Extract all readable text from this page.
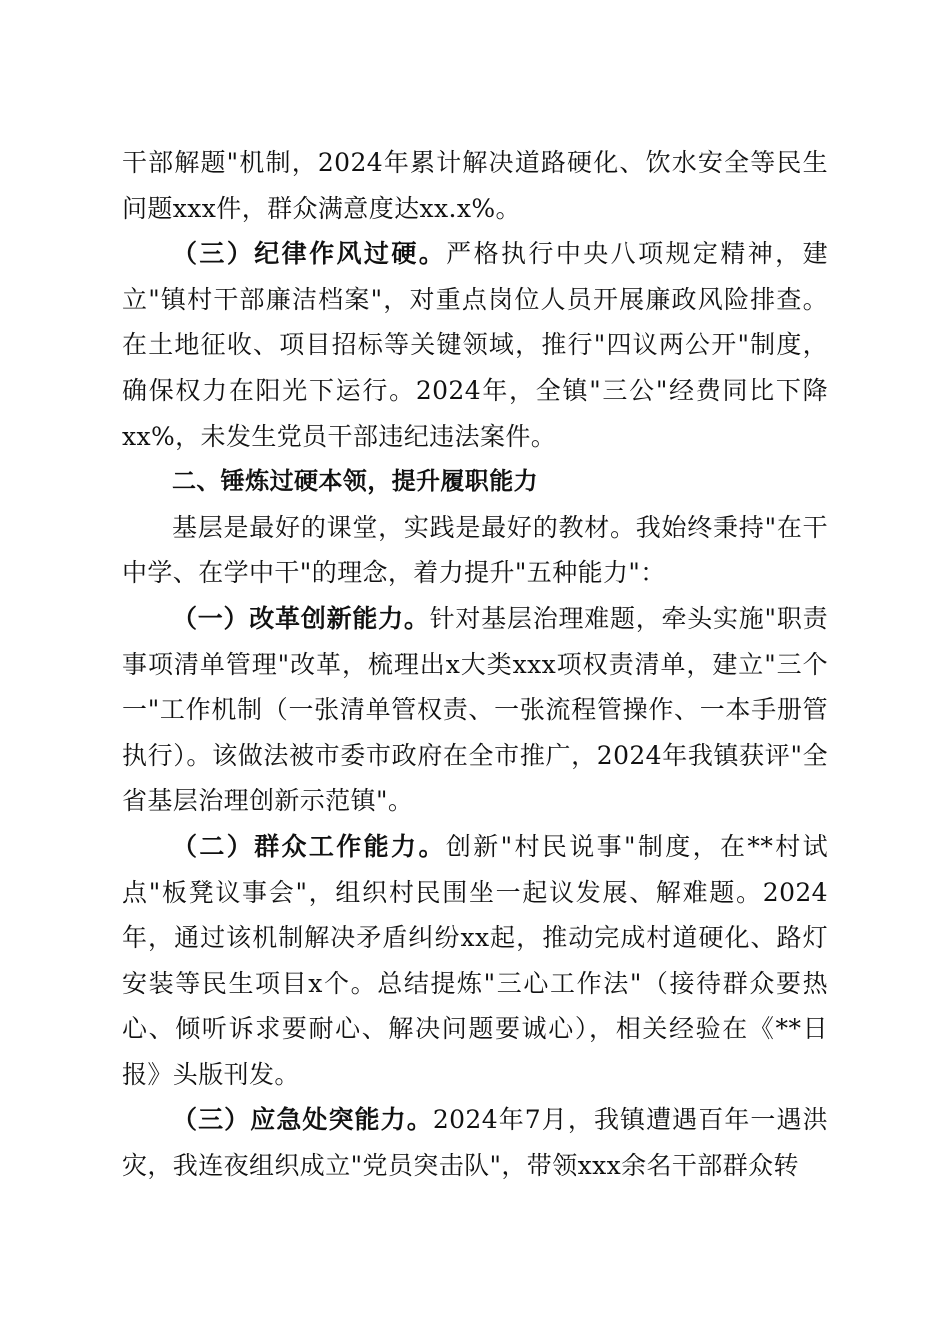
干部解题"机制，2024年累计解决道路硬化、饮水安全等民生问题xxx件，群众满意度达xx.x%。

（三）纪律作风过硬。严格执行中央八项规定精神，建立"镇村干部廉洁档案"，对重点岗位人员开展廉政风险排查。在土地征收、项目招标等关键领域，推行"四议两公开"制度，确保权力在阳光下运行。2024年，全镇"三公"经费同比下降xx%，未发生党员干部违纪违法案件。

二、锤炼过硬本领，提升履职能力

基层是最好的课堂，实践是最好的教材。我始终秉持"在干中学、在学中干"的理念，着力提升"五种能力"：

（一）改革创新能力。针对基层治理难题，牵头实施"职责事项清单管理"改革，梳理出x大类xxx项权责清单，建立"三个一"工作机制（一张清单管权责、一张流程管操作、一本手册管执行）。该做法被市委市政府在全市推广，2024年我镇获评"全省基层治理创新示范镇"。

（二）群众工作能力。创新"村民说事"制度，在**村试点"板凳议事会"，组织村民围坐一起议发展、解难题。2024年，通过该机制解决矛盾纠纷xx起，推动完成村道硬化、路灯安装等民生项目x个。总结提炼"三心工作法"（接待群众要热心、倾听诉求要耐心、解决问题要诚心），相关经验在《**日报》头版刊发。

（三）应急处突能力。2024年7月，我镇遭遇百年一遇洪灾，我连夜组织成立"党员突击队"，带领xxx余名干部群众转
